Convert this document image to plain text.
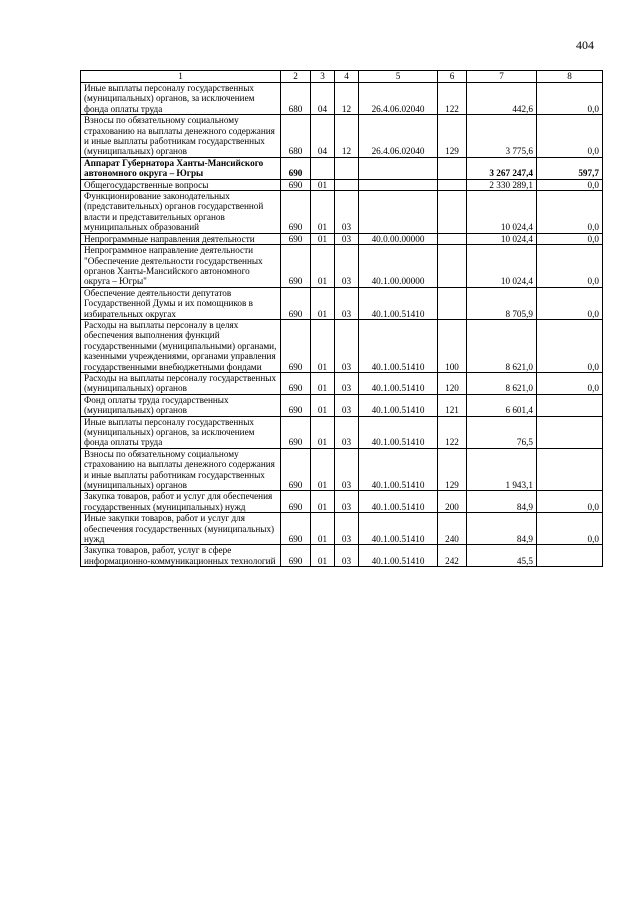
404
1	2	3	4	5	6	7	8
Иные выплаты персоналу государственных (муниципальных) органов, за исключением фонда оплаты труда	680	04	12	26.4.06.02040	122	442,6	0,0
Взносы по обязательному социальному страхованию на выплаты денежного содержания и иные выплаты работникам государственных (муниципальных) органов	680	04	12	26.4.06.02040	129	3 775,6	0,0
Аппарат Губернатора Ханты-Мансийского автономного округа – Югры	690					3 267 247,4	597,7
Общегосударственные вопросы	690	01				2 330 289,1	0,0
Функционирование законодательных (представительных) органов государственной власти и представительных органов муниципальных образований	690	01	03			10 024,4	0,0
Непрограммные направления деятельности	690	01	03	40.0.00.00000		10 024,4	0,0
Непрограммное направление деятельности "Обеспечение деятельности государственных органов Ханты-Мансийского автономного округа – Югры"	690	01	03	40.1.00.00000		10 024,4	0,0
Обеспечение деятельности депутатов Государственной Думы и их помощников в избирательных округах	690	01	03	40.1.00.51410		8 705,9	0,0
Расходы на выплаты персоналу в целях обеспечения выполнения функций государственными (муниципальными) органами, казенными учреждениями, органами управления государственными внебюджетными фондами	690	01	03	40.1.00.51410	100	8 621,0	0,0
Расходы на выплаты персоналу государственных (муниципальных) органов	690	01	03	40.1.00.51410	120	8 621,0	0,0
Фонд оплаты труда государственных (муниципальных) органов	690	01	03	40.1.00.51410	121	6 601,4	
Иные выплаты персоналу государственных (муниципальных) органов, за исключением фонда оплаты труда	690	01	03	40.1.00.51410	122	76,5	
Взносы по обязательному социальному страхованию на выплаты денежного содержания и иные выплаты работникам государственных (муниципальных) органов	690	01	03	40.1.00.51410	129	1 943,1	
Закупка товаров, работ и услуг для обеспечения государственных (муниципальных) нужд	690	01	03	40.1.00.51410	200	84,9	0,0
Иные закупки товаров, работ и услуг для обеспечения государственных (муниципальных) нужд	690	01	03	40.1.00.51410	240	84,9	0,0
Закупка товаров, работ, услуг в сфере информационно-коммуникационных технологий	690	01	03	40.1.00.51410	242	45,5	
